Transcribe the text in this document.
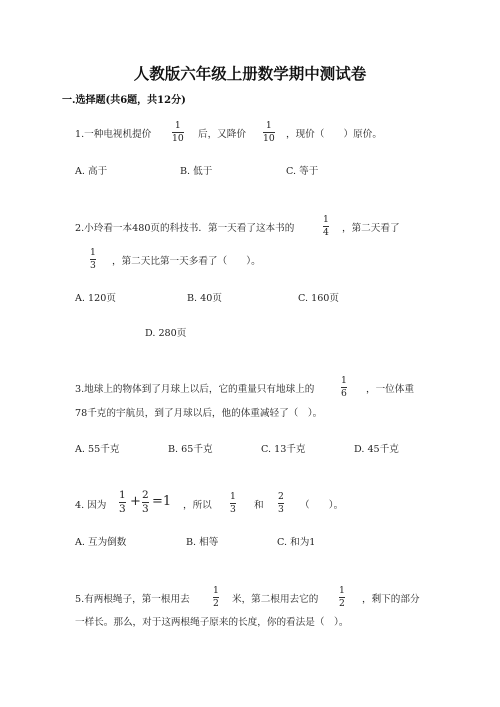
人教版六年级上册数学期中测试卷
一.选择题(共6题，共12分)
1.一种电视机提价
1
10 后，又降价
1
10 ，现价（　　）原价。
A. 高于	B. 低于	C. 等于
2.小玲看一本480页的科技书．第一天看了这本书的
1
4 ，第二天看了
1
3 ，第二天比第一天多看了（　　）。
A. 120页	B. 40页	C. 160页
D. 280页
3.地球上的物体到了月球上以后，它的重量只有地球上的
1
6 ，一位体重
78千克的宇航员，到了月球以后，他的体重减轻了（　）。
A. 55千克	B. 65千克	C. 13千克	D. 45千克
4. 因为
1
3 + 2
3 =1 ，所以
1
3 和
2
3 （　　）。
A. 互为倒数	B. 相等	C. 和为1
5.有两根绳子，第一根用去
1
2 米，第二根用去它的
1
2 ，剩下的部分
一样长。那么，对于这两根绳子原来的长度，你的看法是（　）。
